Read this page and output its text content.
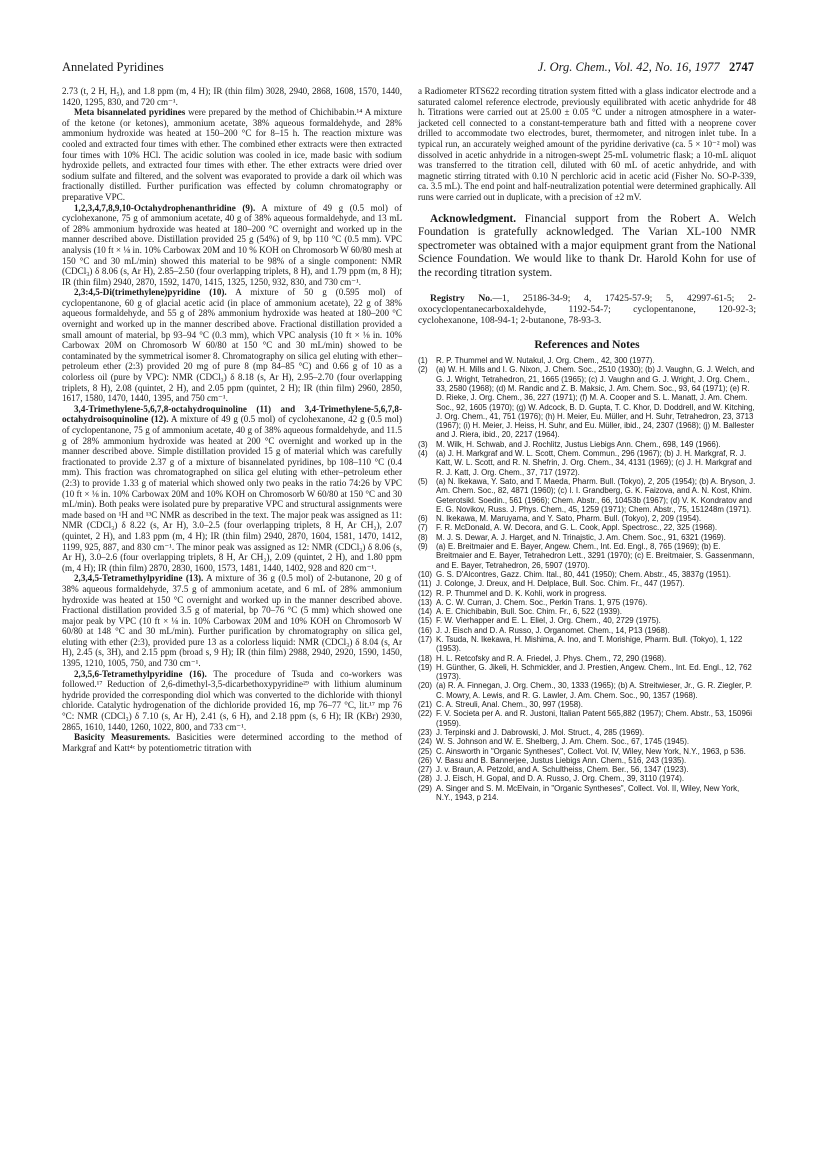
Annelated Pyridines	J. Org. Chem., Vol. 42, No. 16, 1977 2747

2.73 (t, 2 H, H₅), and 1.8 ppm (m, 4 H); IR (thin film) 3028, 2940, 2868, 1608, 1570, 1440, 1420, 1295, 830, and 720 cm⁻¹.

Meta bisannelated pyridines were prepared by the method of Chichibabin.¹⁴ A mixture of the ketone (or ketones), ammonium acetate, 38% aqueous formaldehyde, and 28% ammonium hydroxide was heated at 150–200 °C for 8–15 h. The reaction mixture was cooled and extracted four times with ether. The combined ether extracts were then extracted four times with 10% HCl. The acidic solution was cooled in ice, made basic with sodium hydroxide pellets, and extracted four times with ether. The ether extracts were dried over sodium sulfate and filtered, and the solvent was evaporated to provide a dark oil which was fractionally distilled. Further purification was effected by column chromatography or preparative VPC.

1,2,3,4,7,8,9,10-Octahydrophenanthridine (9). A mixture of 49 g (0.5 mol) of cyclohexanone, 75 g of ammonium acetate, 40 g of 38% aqueous formaldehyde, and 13 mL of 28% ammonium hydroxide was heated at 180–200 °C overnight and worked up in the manner described above. Distillation provided 25 g (54%) of 9, bp 110 °C (0.5 mm). VPC analysis (10 ft × ⅛ in. 10% Carbowax 20M and 10 % KOH on Chromosorb W 60/80 mesh at 150 °C and 30 mL/min) showed this material to be 98% of a single component: NMR (CDCl₃) δ 8.06 (s, Ar H), 2.85–2.50 (four overlapping triplets, 8 H), and 1.79 ppm (m, 8 H); IR (thin film) 2940, 2870, 1592, 1470, 1415, 1325, 1250, 932, 830, and 730 cm⁻¹.

2,3:4,5-Di(trimethylene)pyridine (10). A mixture of 50 g (0.595 mol) of cyclopentanone, 60 g of glacial acetic acid (in place of ammonium acetate), 22 g of 38% aqueous formaldehyde, and 55 g of 28% ammonium hydroxide was heated at 180–200 °C overnight and worked up in the manner described above. Fractional distillation provided a small amount of material, bp 93–94 °C (0.3 mm), which VPC analysis (10 ft × ⅛ in. 10% Carbowax 20M on Chromosorb W 60/80 at 150 °C and 30 mL/min) showed to be contaminated by the symmetrical isomer 8. Chromatography on silica gel eluting with ether–petroleum ether (2:3) provided 20 mg of pure 8 (mp 84–85 °C) and 0.66 g of 10 as a colorless oil (pure by VPC): NMR (CDCl₃) δ 8.18 (s, Ar H), 2.95–2.70 (four overlapping triplets, 8 H), 2.08 (quintet, 2 H), and 2.05 ppm (quintet, 2 H); IR (thin film) 2960, 2850, 1617, 1580, 1470, 1440, 1395, and 750 cm⁻¹.

3,4-Trimethylene-5,6,7,8-octahydroquinoline (11) and 3,4-Trimethylene-5,6,7,8-octahydroisoquinoline (12). A mixture of 49 g (0.5 mol) of cyclohexanone, 42 g (0.5 mol) of cyclopentanone, 75 g of ammonium acetate, 40 g of 38% aqueous formaldehyde, and 11.5 g of 28% ammonium hydroxide was heated at 200 °C overnight and worked up in the manner described above. Simple distillation provided 15 g of material which was carefully fractionated to provide 2.37 g of a mixture of bisannelated pyridines, bp 108–110 °C (0.4 mm). This fraction was chromatographed on silica gel eluting with ether–petroleum ether (2:3) to provide 1.33 g of material which showed only two peaks in the ratio 74:26 by VPC (10 ft × ⅛ in. 10% Carbowax 20M and 10% KOH on Chromosorb W 60/80 at 150 °C and 30 mL/min). Both peaks were isolated pure by preparative VPC and structural assignments were made based on ¹H and ¹³C NMR as described in the text. The major peak was assigned as 11: NMR (CDCl₃) δ 8.22 (s, Ar H), 3.0–2.5 (four overlapping triplets, 8 H, Ar CH₂), 2.07 (quintet, 2 H), and 1.83 ppm (m, 4 H); IR (thin film) 2940, 2870, 1604, 1581, 1470, 1412, 1199, 925, 887, and 830 cm⁻¹. The minor peak was assigned as 12: NMR (CDCl₃) δ 8.06 (s, Ar H), 3.0–2.6 (four overlapping triplets, 8 H, Ar CH₂), 2.09 (quintet, 2 H), and 1.80 ppm (m, 4 H); IR (thin film) 2870, 2830, 1600, 1573, 1481, 1440, 1402, 928 and 820 cm⁻¹.

2,3,4,5-Tetramethylpyridine (13). A mixture of 36 g (0.5 mol) of 2-butanone, 20 g of 38% aqueous formaldehyde, 37.5 g of ammonium acetate, and 6 mL of 28% ammonium hydroxide was heated at 150 °C overnight and worked up in the manner described above. Fractional distillation provided 3.5 g of material, bp 70–76 °C (5 mm) which showed one major peak by VPC (10 ft × ⅛ in. 10% Carbowax 20M and 10% KOH on Chromosorb W 60/80 at 148 °C and 30 mL/min). Further purification by chromatography on silica gel, eluting with ether (2:3), provided pure 13 as a colorless liquid: NMR (CDCl₃) δ 8.04 (s, Ar H), 2.45 (s, 3H), and 2.15 ppm (broad s, 9 H); IR (thin film) 2988, 2940, 2920, 1590, 1450, 1395, 1210, 1005, 750, and 730 cm⁻¹.

2,3,5,6-Tetramethylpyridine (16). The procedure of Tsuda and co-workers was followed.¹⁷ Reduction of 2,6-dimethyl-3,5-dicarbethoxypyridine²⁹ with lithium aluminum hydride provided the corresponding diol which was converted to the dichloride with thionyl chloride. Catalytic hydrogenation of the dichloride provided 16, mp 76–77 °C, lit.¹⁷ mp 76 °C: NMR (CDCl₃) δ 7.10 (s, Ar H), 2.41 (s, 6 H), and 2.18 ppm (s, 6 H); IR (KBr) 2930, 2865, 1610, 1440, 1260, 1022, 800, and 733 cm⁻¹.

Basicity Measurements. Basicities were determined according to the method of Markgraf and Katt⁴ᶜ by potentiometric titration with

a Radiometer RTS622 recording titration system fitted with a glass indicator electrode and a saturated calomel reference electrode, previously equilibrated with acetic anhydride for 48 h. Titrations were carried out at 25.00 ± 0.05 °C under a nitrogen atmosphere in a water-jacketed cell connected to a constant-temperature bath and fitted with a neoprene cover drilled to accommodate two electrodes, buret, thermometer, and nitrogen inlet tube. In a typical run, an accurately weighed amount of the pyridine derivative (ca. 5 × 10⁻² mol) was dissolved in acetic anhydride in a nitrogen-swept 25-mL volumetric flask; a 10-mL aliquot was transferred to the titration cell, diluted with 60 mL of acetic anhydride, and with magnetic stirring titrated with 0.10 N perchloric acid in acetic acid (Fisher No. SO-P-339, ca. 3.5 mL). The end point and half-neutralization potential were determined graphically. All runs were carried out in duplicate, with a precision of ±2 mV.

Acknowledgment. Financial support from the Robert A. Welch Foundation is gratefully acknowledged. The Varian XL-100 NMR spectrometer was obtained with a major equipment grant from the National Science Foundation. We would like to thank Dr. Harold Kohn for use of the recording titration system.

Registry No.—1, 25186-34-9; 4, 17425-57-9; 5, 42997-61-5; 2-oxocyclopentanecarboxaldehyde, 1192-54-7; cyclopentanone, 120-92-3; cyclohexanone, 108-94-1; 2-butanone, 78-93-3.

References and Notes
(1)	R. P. Thummel and W. Nutakul, J. Org. Chem., 42, 300 (1977).
(2)	(a) W. H. Mills and I. G. Nixon, J. Chem. Soc., 2510 (1930); (b) J. Vaughn, G. J. Welch, and G. J. Wright, Tetrahedron, 21, 1665 (1965); (c) J. Vaughn and G. J. Wright, J. Org. Chem., 33, 2580 (1968); (d) M. Randic and Z. B. Maksic, J. Am. Chem. Soc., 93, 64 (1971); (e) R. D. Rieke, J. Org. Chem., 36, 227 (1971); (f) M. A. Cooper and S. L. Manatt, J. Am. Chem. Soc., 92, 1605 (1970); (g) W. Adcock, B. D. Gupta, T. C. Khor, D. Doddrell, and W. Kitching, J. Org. Chem., 41, 751 (1976); (h) H. Meier, Eu. Müller, and H. Suhr, Tetrahedron, 23, 3713 (1967); (i) H. Meier, J. Heiss, H. Suhr, and Eu. Müller, ibid., 24, 2307 (1968); (j) M. Ballester and J. Riera, ibid., 20, 2217 (1964).
(3)	M. Wilk, H. Schwab, and J. Rochlitz, Justus Liebigs Ann. Chem., 698, 149 (1966).
(4)	(a) J. H. Markgraf and W. L. Scott, Chem. Commun., 296 (1967); (b) J. H. Markgraf, R. J. Katt, W. L. Scott, and R. N. Shefrin, J. Org. Chem., 34, 4131 (1969); (c) J. H. Markgraf and R. J. Katt, J. Org. Chem., 37, 717 (1972).
(5)	(a) N. Ikekawa, Y. Sato, and T. Maeda, Pharm. Bull. (Tokyo), 2, 205 (1954); (b) A. Bryson, J. Am. Chem. Soc., 82, 4871 (1960); (c) I. I. Grandberg, G. K. Faizova, and A. N. Kost, Khim. Geterotsikl. Soedin., 561 (1966); Chem. Abstr., 66, 10453b (1967); (d) V. K. Kondratov and E. G. Novikov, Russ. J. Phys. Chem., 45, 1259 (1971); Chem. Abstr., 75, 151248m (1971).
(6)	N. Ikekawa, M. Maruyama, and Y. Sato, Pharm. Bull. (Tokyo), 2, 209 (1954).
(7)	F. R. McDonald, A. W. Decora, and G. L. Cook, Appl. Spectrosc., 22, 325 (1968).
(8)	M. J. S. Dewar, A. J. Harget, and N. Trinajstic, J. Am. Chem. Soc., 91, 6321 (1969).
(9)	(a) E. Breitmaier and E. Bayer, Angew. Chem., Int. Ed. Engl., 8, 765 (1969); (b) E. Breitmaier and E. Bayer, Tetrahedron Lett., 3291 (1970); (c) E. Breitmaier, S. Gassenmann, and E. Bayer, Tetrahedron, 26, 5907 (1970).
(10) G. S. D'Alcontres, Gazz. Chim. Ital., 80, 441 (1950); Chem. Abstr., 45, 3837g (1951).
(11) J. Colonge, J. Dreux, and H. Delplace, Bull. Soc. Chim. Fr., 447 (1957).
(12) R. P. Thummel and D. K. Kohli, work in progress.
(13) A. C. W. Curran, J. Chem. Soc., Perkin Trans. 1, 975 (1976).
(14) A. E. Chichibabin, Bull. Soc. Chim. Fr., 6, 522 (1939).
(15) F. W. Vierhapper and E. L. Eliel, J. Org. Chem., 40, 2729 (1975).
(16) J. J. Eisch and D. A. Russo, J. Organomet. Chem., 14, P13 (1968).
(17) K. Tsuda, N. Ikekawa, H. Mishima, A. Ino, and T. Morishige, Pharm. Bull. (Tokyo), 1, 122 (1953).
(18) H. L. Retcofsky and R. A. Friedel, J. Phys. Chem., 72, 290 (1968).
(19) H. Günther, G. Jikeli, H. Schmickler, and J. Prestien, Angew. Chem., Int. Ed. Engl., 12, 762 (1973).
(20) (a) R. A. Finnegan, J. Org. Chem., 30, 1333 (1965); (b) A. Streitwieser, Jr., G. R. Ziegler, P. C. Mowry, A. Lewis, and R. G. Lawler, J. Am. Chem. Soc., 90, 1357 (1968).
(21) C. A. Streuli, Anal. Chem., 30, 997 (1958).
(22) F. V. Societa per A. and R. Justoni, Italian Patent 565,882 (1957); Chem. Abstr., 53, 15096i (1959).
(23) J. Terpinski and J. Dabrowski, J. Mol. Struct., 4, 285 (1969).
(24) W. S. Johnson and W. E. Shelberg, J. Am. Chem. Soc., 67, 1745 (1945).
(25) C. Ainsworth in "Organic Syntheses", Collect. Vol. IV, Wiley, New York, N.Y., 1963, p 536.
(26) V. Basu and B. Bannerjee, Justus Liebigs Ann. Chem., 516, 243 (1935).
(27) J. v. Braun, A. Petzold, and A. Schultheiss, Chem. Ber., 56, 1347 (1923).
(28) J. J. Eisch, H. Gopal, and D. A. Russo, J. Org. Chem., 39, 3110 (1974).
(29) A. Singer and S. M. McElvain, in "Organic Syntheses", Collect. Vol. II, Wiley, New York, N.Y., 1943, p 214.
